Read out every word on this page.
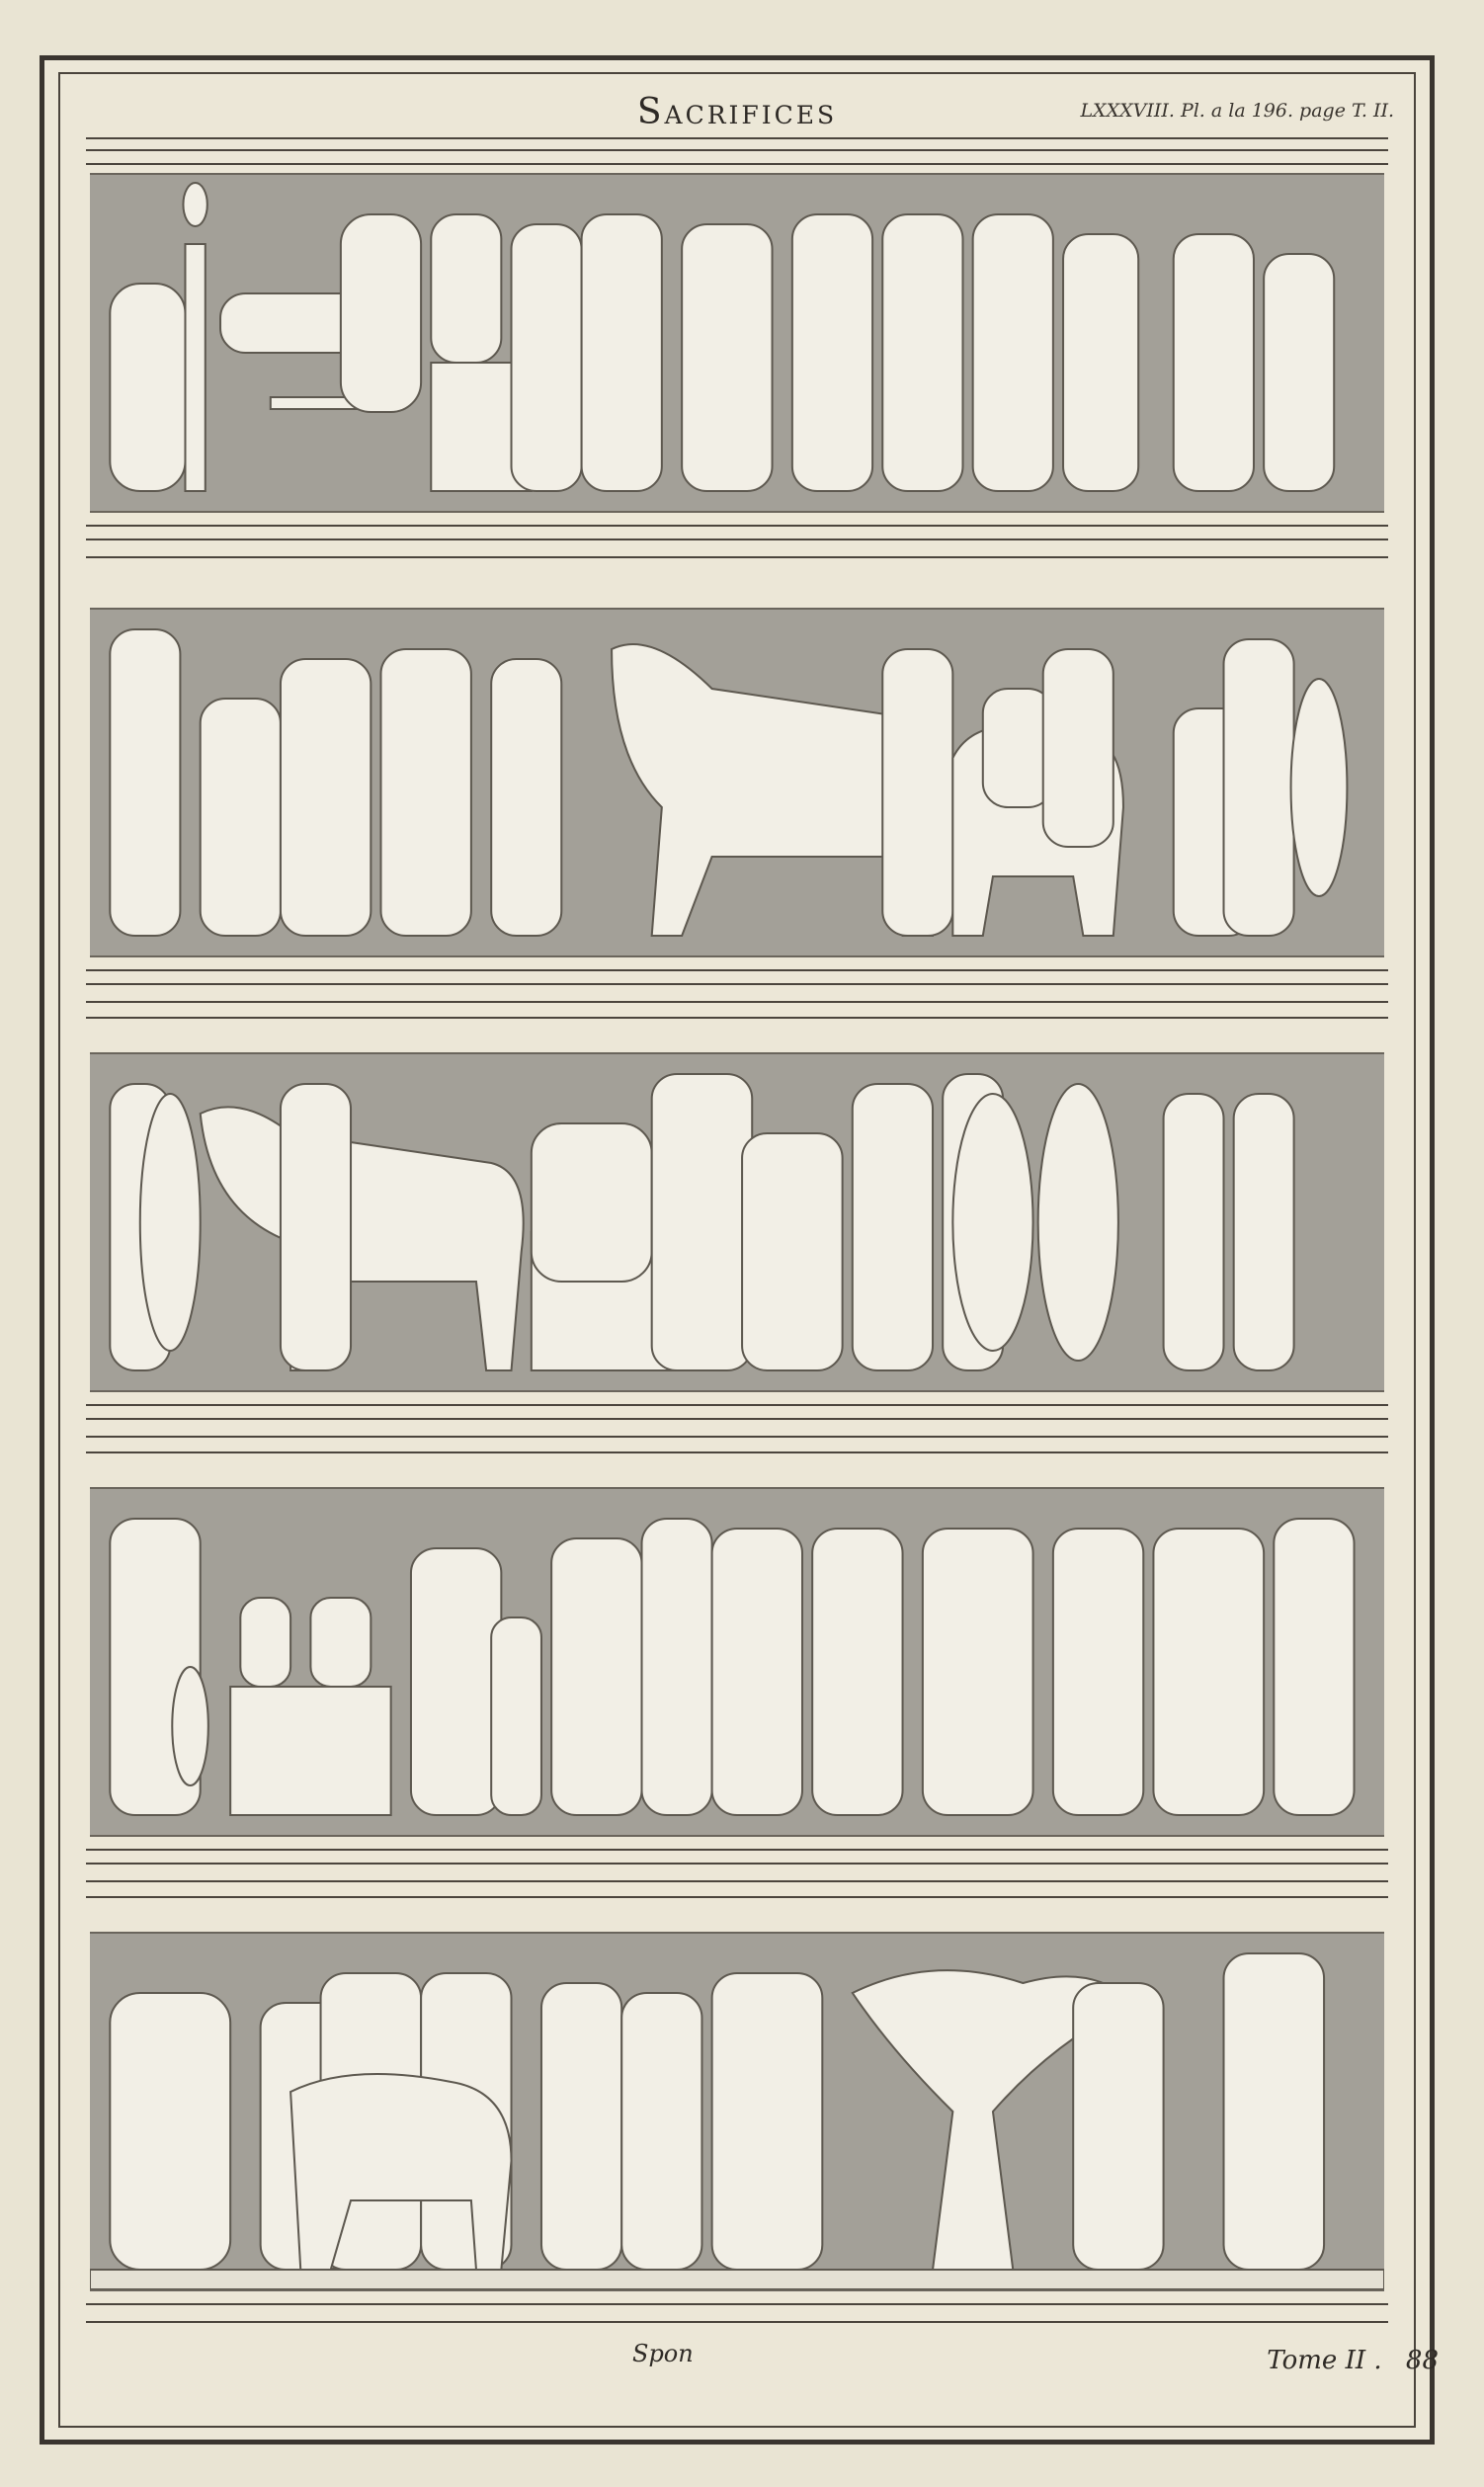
Sacrifices	LXXXVIII. Pl. a la 196. page T. II.
Spon	Tome II . 88
